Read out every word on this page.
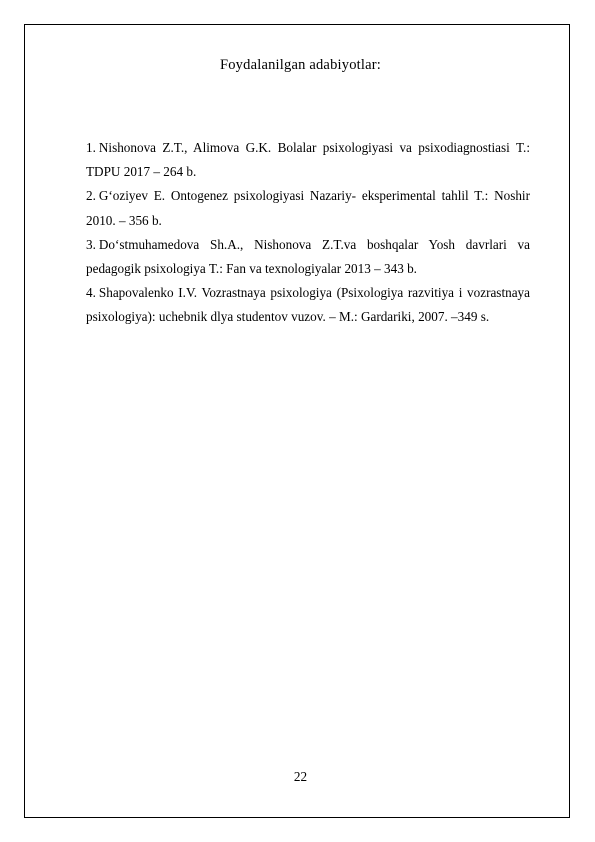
Foydalanilgan adabiyotlar:
1. Nishonova Z.T., Alimova G.K. Bolalar psixologiyasi va psixodiagnostiasi T.: TDPU 2017 – 264 b.
2. G‘oziyev E. Ontogenez psixologiyasi Nazariy- eksperimental tahlil T.: Noshir 2010. – 356 b.
3. Do‘stmuhamedova Sh.A., Nishonova Z.T.va boshqalar Yosh davrlari va pedagogik psixologiya T.: Fan va texnologiyalar 2013 – 343 b.
4. Shapovalenko I.V. Vozrastnaya psixologiya (Psixologiya razvitiya i vozrastnaya psixologiya): uchebnik dlya studentov vuzov. – M.: Gardariki, 2007. –349 s.
22
